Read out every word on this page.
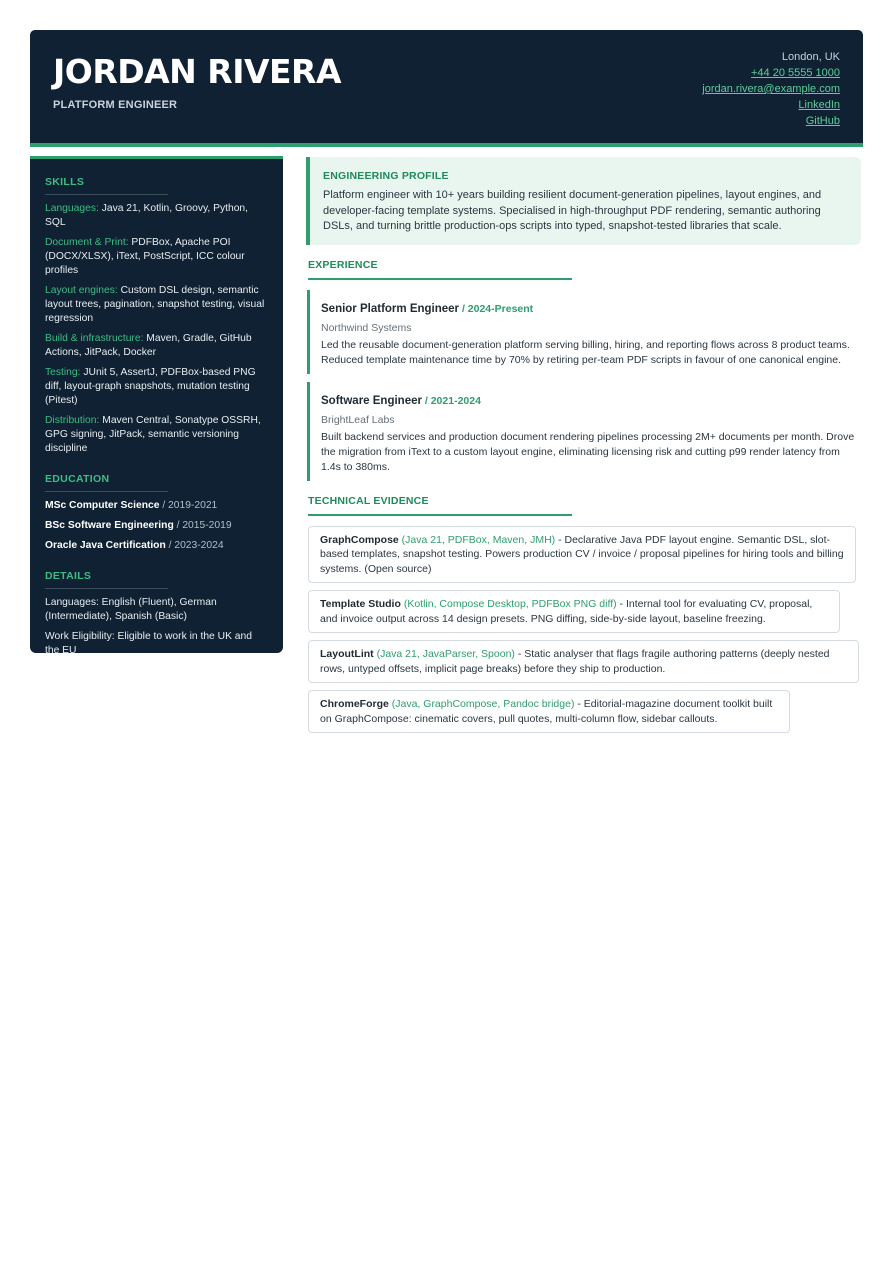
JORDAN RIVERA
PLATFORM ENGINEER
London, UK
+44 20 5555 1000
jordan.rivera@example.com
LinkedIn
GitHub
SKILLS
Languages: Java 21, Kotlin, Groovy, Python, SQL
Document & Print: PDFBox, Apache POI (DOCX/XLSX), iText, PostScript, ICC colour profiles
Layout engines: Custom DSL design, semantic layout trees, pagination, snapshot testing, visual regression
Build & infrastructure: Maven, Gradle, GitHub Actions, JitPack, Docker
Testing: JUnit 5, AssertJ, PDFBox-based PNG diff, layout-graph snapshots, mutation testing (Pitest)
Distribution: Maven Central, Sonatype OSSRH, GPG signing, JitPack, semantic versioning discipline
EDUCATION
MSc Computer Science / 2019-2021
BSc Software Engineering / 2015-2019
Oracle Java Certification / 2023-2024
DETAILS
Languages: English (Fluent), German (Intermediate), Spanish (Basic)
Work Eligibility: Eligible to work in the UK and the EU
ENGINEERING PROFILE
Platform engineer with 10+ years building resilient document-generation pipelines, layout engines, and developer-facing template systems. Specialised in high-throughput PDF rendering, semantic authoring DSLs, and turning brittle production-ops scripts into typed, snapshot-tested libraries that scale.
EXPERIENCE
Senior Platform Engineer / 2024-Present
Northwind Systems
Led the reusable document-generation platform serving billing, hiring, and reporting flows across 8 product teams. Reduced template maintenance time by 70% by retiring per-team PDF scripts in favour of one canonical engine.
Software Engineer / 2021-2024
BrightLeaf Labs
Built backend services and production document rendering pipelines processing 2M+ documents per month. Drove the migration from iText to a custom layout engine, eliminating licensing risk and cutting p99 render latency from 1.4s to 380ms.
TECHNICAL EVIDENCE
GraphCompose (Java 21, PDFBox, Maven, JMH) - Declarative Java PDF layout engine. Semantic DSL, slot-based templates, snapshot testing. Powers production CV / invoice / proposal pipelines for hiring tools and billing systems. (Open source)
Template Studio (Kotlin, Compose Desktop, PDFBox PNG diff) - Internal tool for evaluating CV, proposal, and invoice output across 14 design presets. PNG diffing, side-by-side layout, baseline freezing.
LayoutLint (Java 21, JavaParser, Spoon) - Static analyser that flags fragile authoring patterns (deeply nested rows, untyped offsets, implicit page breaks) before they ship to production.
ChromeForge (Java, GraphCompose, Pandoc bridge) - Editorial-magazine document toolkit built on GraphCompose: cinematic covers, pull quotes, multi-column flow, sidebar callouts.
